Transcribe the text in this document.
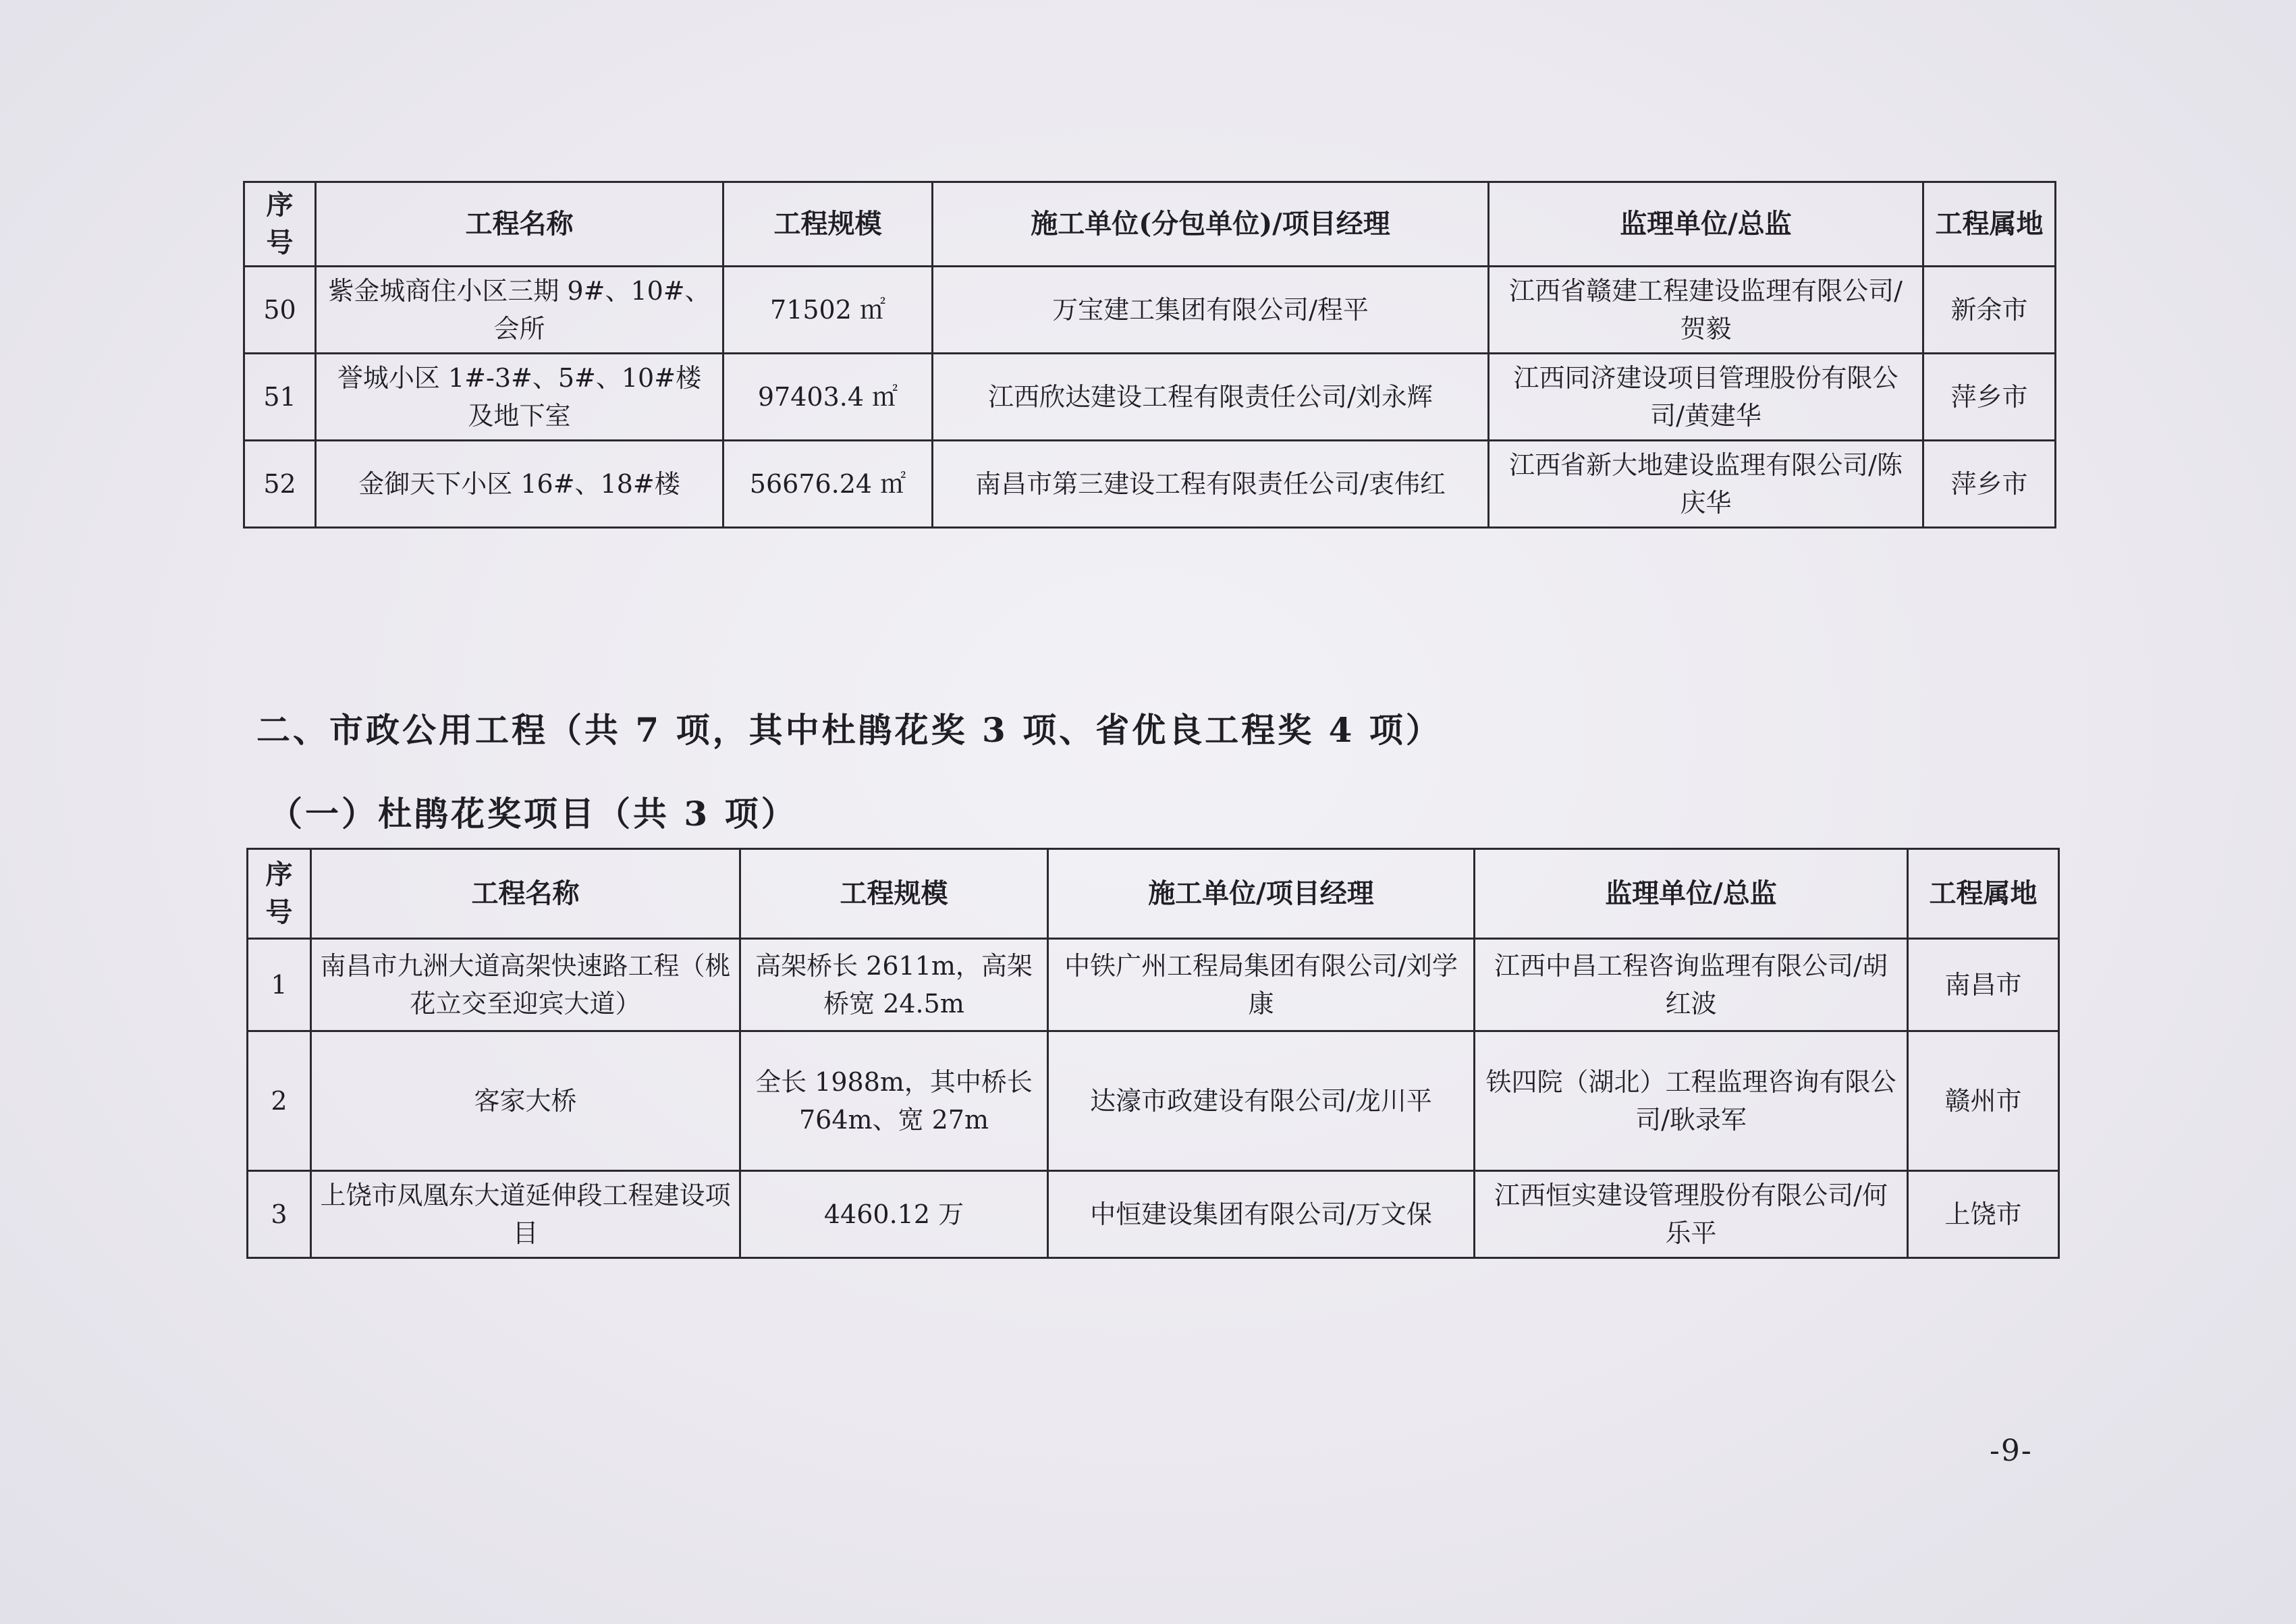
序号	工程名称	工程规模	施工单位(分包单位)/项目经理	监理单位/总监	工程属地
50	紫金城商住小区三期 9#、10#、会所	71502 ㎡	万宝建工集团有限公司/程平	江西省赣建工程建设监理有限公司/贺毅	新余市
51	誉城小区 1#-3#、5#、10#楼及地下室	97403.4 ㎡	江西欣达建设工程有限责任公司/刘永辉	江西同济建设项目管理股份有限公司/黄建华	萍乡市
52	金御天下小区 16#、18#楼	56676.24 ㎡	南昌市第三建设工程有限责任公司/衷伟红	江西省新大地建设监理有限公司/陈庆华	萍乡市
二、市政公用工程（共 7 项，其中杜鹃花奖 3 项、省优良工程奖 4 项）
（一）杜鹃花奖项目（共 3 项）
序号	工程名称	工程规模	施工单位/项目经理	监理单位/总监	工程属地
1	南昌市九洲大道高架快速路工程（桃花立交至迎宾大道）	高架桥长 2611m，高架桥宽 24.5m	中铁广州工程局集团有限公司/刘学康	江西中昌工程咨询监理有限公司/胡红波	南昌市
2	客家大桥	全长 1988m，其中桥长 764m、宽 27m	达濠市政建设有限公司/龙川平	铁四院（湖北）工程监理咨询有限公司/耿录军	赣州市
3	上饶市凤凰东大道延伸段工程建设项目	4460.12 万	中恒建设集团有限公司/万文保	江西恒实建设管理股份有限公司/何乐平	上饶市
-9-
